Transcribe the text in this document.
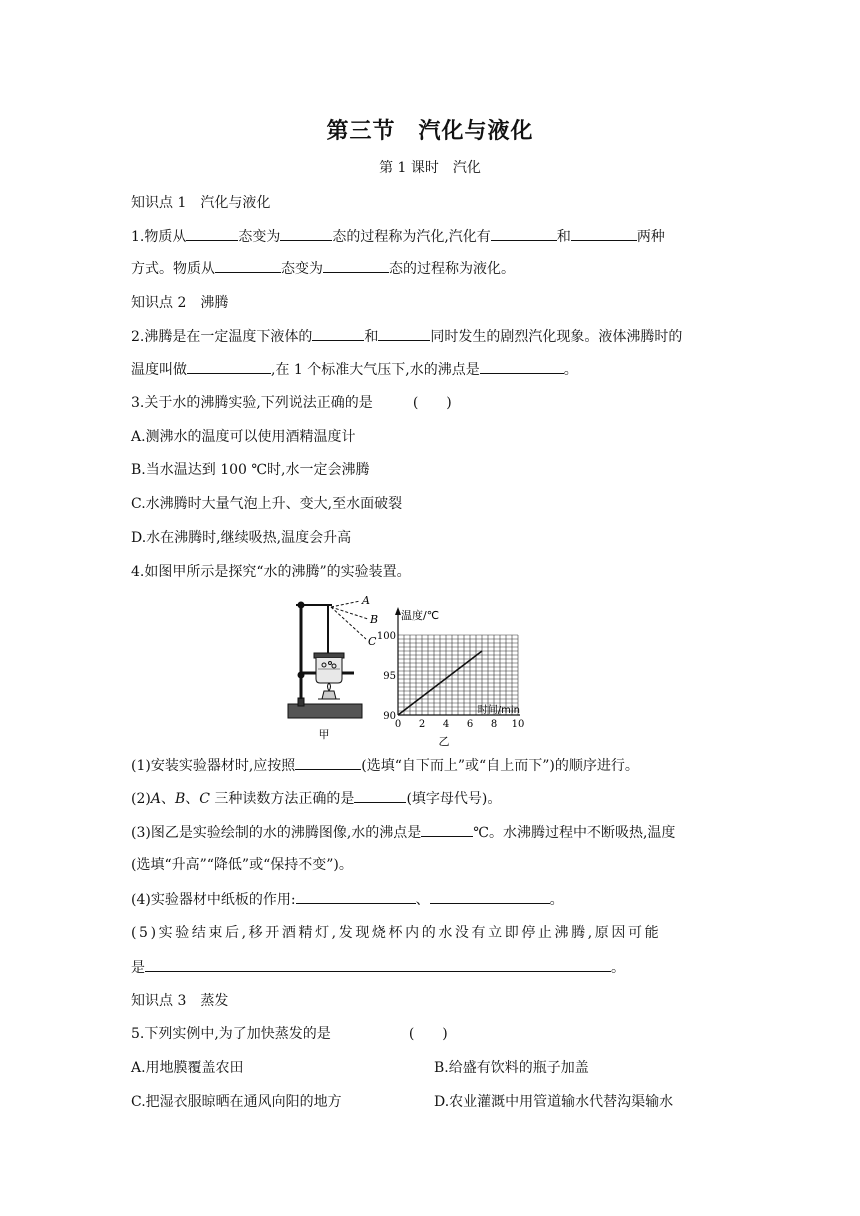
第三节　汽化与液化
第 1 课时　汽化
知识点 1　汽化与液化
1.物质从	态变为	态的过程称为汽化,汽化有	和	两种
方式。物质从	态变为	态的过程称为液化。
知识点 2　沸腾
2.沸腾是在一定温度下液体的	和	同时发生的剧烈汽化现象。液体沸腾时的
温度叫做	,在 1 个标准大气压下,水的沸点是	。
3.关于水的沸腾实验,下列说法正确的是	(　　)
A.测沸水的温度可以使用酒精温度计
B.当水温达到 100 ℃时,水一定会沸腾
C.水沸腾时大量气泡上升、变大,至水面破裂
D.水在沸腾时,继续吸热,温度会升高
4.如图甲所示是探究“水的沸腾”的实验装置。
A
B
C
甲
温度/℃
时间/min
100
95
90
0 2 4 6 8 10
乙
(1)安装实验器材时,应按照	(选填“自下而上”或“自上而下”)的顺序进行。
(2)A、B、C 三种读数方法正确的是	(填字母代号)。
(3)图乙是实验绘制的水的沸腾图像,水的沸点是	℃。水沸腾过程中不断吸热,温度
(选填“升高”“降低”或“保持不变”)。
(4)实验器材中纸板的作用:	、	。
(5)实验结束后,移开酒精灯,发现烧杯内的水没有立即停止沸腾,原因可能
是	。
知识点 3　蒸发
5.下列实例中,为了加快蒸发的是	(　　)
A.用地膜覆盖农田	B.给盛有饮料的瓶子加盖
C.把湿衣服晾晒在通风向阳的地方	D.农业灌溉中用管道输水代替沟渠输水
